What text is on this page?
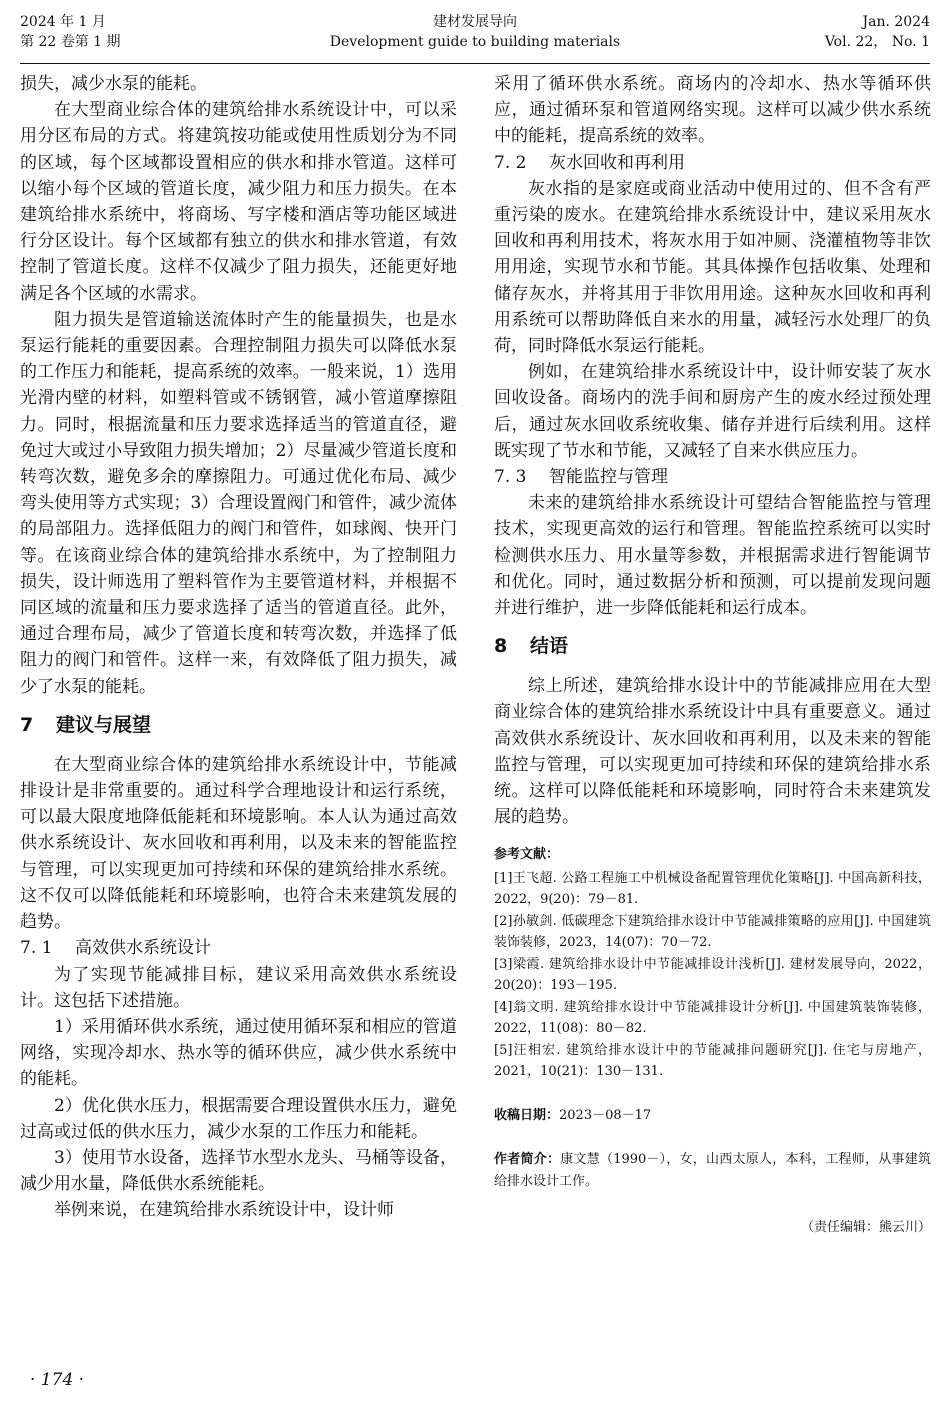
2024 年 1 月
第 22 卷第 1 期
建材发展导向
Development guide to building materials
Jan. 2024
Vol. 22， No. 1

损失，减少水泵的能耗。

在大型商业综合体的建筑给排水系统设计中，可以采用分区布局的方式。将建筑按功能或使用性质划分为不同的区域，每个区域都设置相应的供水和排水管道。这样可以缩小每个区域的管道长度，减少阻力和压力损失。在本建筑给排水系统中，将商场、写字楼和酒店等功能区域进行分区设计。每个区域都有独立的供水和排水管道，有效控制了管道长度。这样不仅减少了阻力损失，还能更好地满足各个区域的水需求。

阻力损失是管道输送流体时产生的能量损失，也是水泵运行能耗的重要因素。合理控制阻力损失可以降低水泵的工作压力和能耗，提高系统的效率。一般来说，1）选用光滑内壁的材料，如塑料管或不锈钢管，减小管道摩擦阻力。同时，根据流量和压力要求选择适当的管道直径，避免过大或过小导致阻力损失增加；2）尽量减少管道长度和转弯次数，避免多余的摩擦阻力。可通过优化布局、减少弯头使用等方式实现；3）合理设置阀门和管件，减少流体的局部阻力。选择低阻力的阀门和管件，如球阀、快开门等。在该商业综合体的建筑给排水系统中，为了控制阻力损失，设计师选用了塑料管作为主要管道材料，并根据不同区域的流量和压力要求选择了适当的管道直径。此外，通过合理布局，减少了管道长度和转弯次数，并选择了低阻力的阀门和管件。这样一来，有效降低了阻力损失，减少了水泵的能耗。

7 建议与展望

在大型商业综合体的建筑给排水系统设计中，节能减排设计是非常重要的。通过科学合理地设计和运行系统，可以最大限度地降低能耗和环境影响。本人认为通过高效供水系统设计、灰水回收和再利用，以及未来的智能监控与管理，可以实现更加可持续和环保的建筑给排水系统。这不仅可以降低能耗和环境影响，也符合未来建筑发展的趋势。

7. 1 高效供水系统设计

为了实现节能减排目标，建议采用高效供水系统设计。这包括下述措施。

1）采用循环供水系统，通过使用循环泵和相应的管道网络，实现冷却水、热水等的循环供应，减少供水系统中的能耗。

2）优化供水压力，根据需要合理设置供水压力，避免过高或过低的供水压力，减少水泵的工作压力和能耗。

3）使用节水设备，选择节水型水龙头、马桶等设备，减少用水量，降低供水系统能耗。

举例来说，在建筑给排水系统设计中，设计师

采用了循环供水系统。商场内的冷却水、热水等循环供应，通过循环泵和管道网络实现。这样可以减少供水系统中的能耗，提高系统的效率。

7. 2 灰水回收和再利用

灰水指的是家庭或商业活动中使用过的、但不含有严重污染的废水。在建筑给排水系统设计中，建议采用灰水回收和再利用技术，将灰水用于如冲厕、浇灌植物等非饮用用途，实现节水和节能。其具体操作包括收集、处理和储存灰水，并将其用于非饮用用途。这种灰水回收和再利用系统可以帮助降低自来水的用量，减轻污水处理厂的负荷，同时降低水泵运行能耗。

例如，在建筑给排水系统设计中，设计师安装了灰水回收设备。商场内的洗手间和厨房产生的废水经过预处理后，通过灰水回收系统收集、储存并进行后续利用。这样既实现了节水和节能，又减轻了自来水供应压力。

7. 3 智能监控与管理

未来的建筑给排水系统设计可望结合智能监控与管理技术，实现更高效的运行和管理。智能监控系统可以实时检测供水压力、用水量等参数，并根据需求进行智能调节和优化。同时，通过数据分析和预测，可以提前发现问题并进行维护，进一步降低能耗和运行成本。

8 结语

综上所述，建筑给排水设计中的节能减排应用在大型商业综合体的建筑给排水系统设计中具有重要意义。通过高效供水系统设计、灰水回收和再利用，以及未来的智能监控与管理，可以实现更加可持续和环保的建筑给排水系统。这样可以降低能耗和环境影响，同时符合未来建筑发展的趋势。

参考文献：

[1]王飞超. 公路工程施工中机械设备配置管理优化策略[J]. 中国高新科技，2022，9(20)：79－81.

[2]孙敏剑. 低碳理念下建筑给排水设计中节能减排策略的应用[J]. 中国建筑装饰装修，2023，14(07)：70－72.

[3]梁霞. 建筑给排水设计中节能减排设计浅析[J]. 建材发展导向，2022，20(20)：193－195.

[4]翁文明. 建筑给排水设计中节能减排设计分析[J]. 中国建筑装饰装修，2022，11(08)：80－82.

[5]汪相宏. 建筑给排水设计中的节能减排问题研究[J]. 住宅与房地产，2021，10(21)：130－131.

收稿日期：2023－08－17
作者简介：康文慧（1990－），女，山西太原人，本科，工程师，从事建筑给排水设计工作。
（责任编辑：熊云川）
· 174 ·
